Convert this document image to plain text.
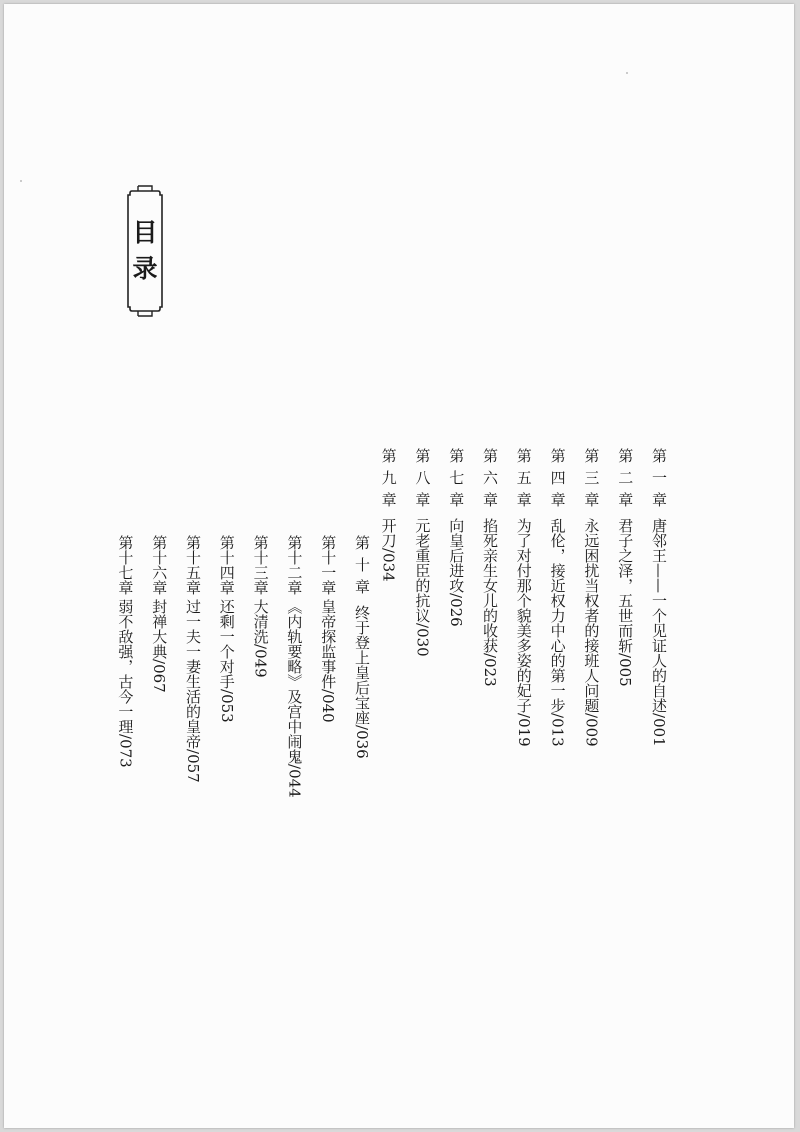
目
录
第一章唐邻王——一个见证人的自述/001
第二章君子之泽，五世而斩/005
第三章永远困扰当权者的接班人问题/009
第四章乱伦，接近权力中心的第一步/013
第五章为了对付那个貌美多姿的妃子/019
第六章掐死亲生女儿的收获/023
第七章向皇后进攻/026
第八章元老重臣的抗议/030
第九章开刀/034
第十章终于登上皇后宝座/036
第十一章皇帝探监事件/040
第十二章《内轨要略》及宫中闹鬼/044
第十三章大清洗/049
第十四章还剩一个对手/053
第十五章过一夫一妻生活的皇帝/057
第十六章封禅大典/067
第十七章弱不敌强，古今一理/073
